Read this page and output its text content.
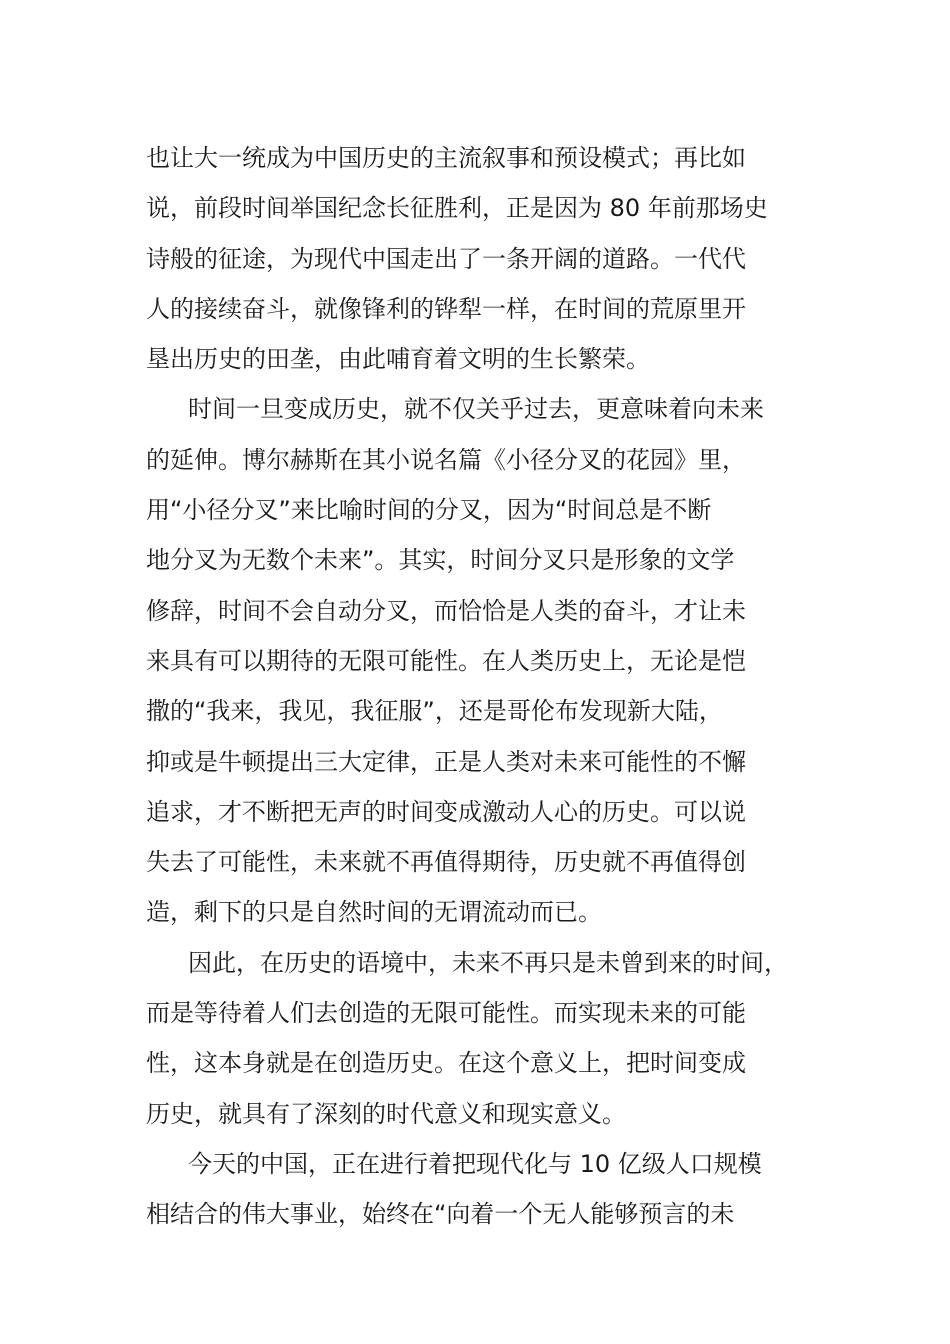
也让大一统成为中国历史的主流叙事和预设模式；再比如
说，前段时间举国纪念长征胜利，正是因为 80 年前那场史
诗般的征途，为现代中国走出了一条开阔的道路。一代代
人的接续奋斗，就像锋利的铧犁一样，在时间的荒原里开
垦出历史的田垄，由此哺育着文明的生长繁荣。
时间一旦变成历史，就不仅关乎过去，更意味着向未来
的延伸。博尔赫斯在其小说名篇《小径分叉的花园》里，
用“小径分叉”来比喻时间的分叉，因为“时间总是不断
地分叉为无数个未来”。其实，时间分叉只是形象的文学
修辞，时间不会自动分叉，而恰恰是人类的奋斗，才让未
来具有可以期待的无限可能性。在人类历史上，无论是恺
撒的“我来，我见，我征服”，还是哥伦布发现新大陆，
抑或是牛顿提出三大定律，正是人类对未来可能性的不懈
追求，才不断把无声的时间变成激动人心的历史。可以说
失去了可能性，未来就不再值得期待，历史就不再值得创
造，剩下的只是自然时间的无谓流动而已。
因此，在历史的语境中，未来不再只是未曾到来的时间，
而是等待着人们去创造的无限可能性。而实现未来的可能
性，这本身就是在创造历史。在这个意义上，把时间变成
历史，就具有了深刻的时代意义和现实意义。
今天的中国，正在进行着把现代化与 10 亿级人口规模
相结合的伟大事业，始终在“向着一个无人能够预言的未
